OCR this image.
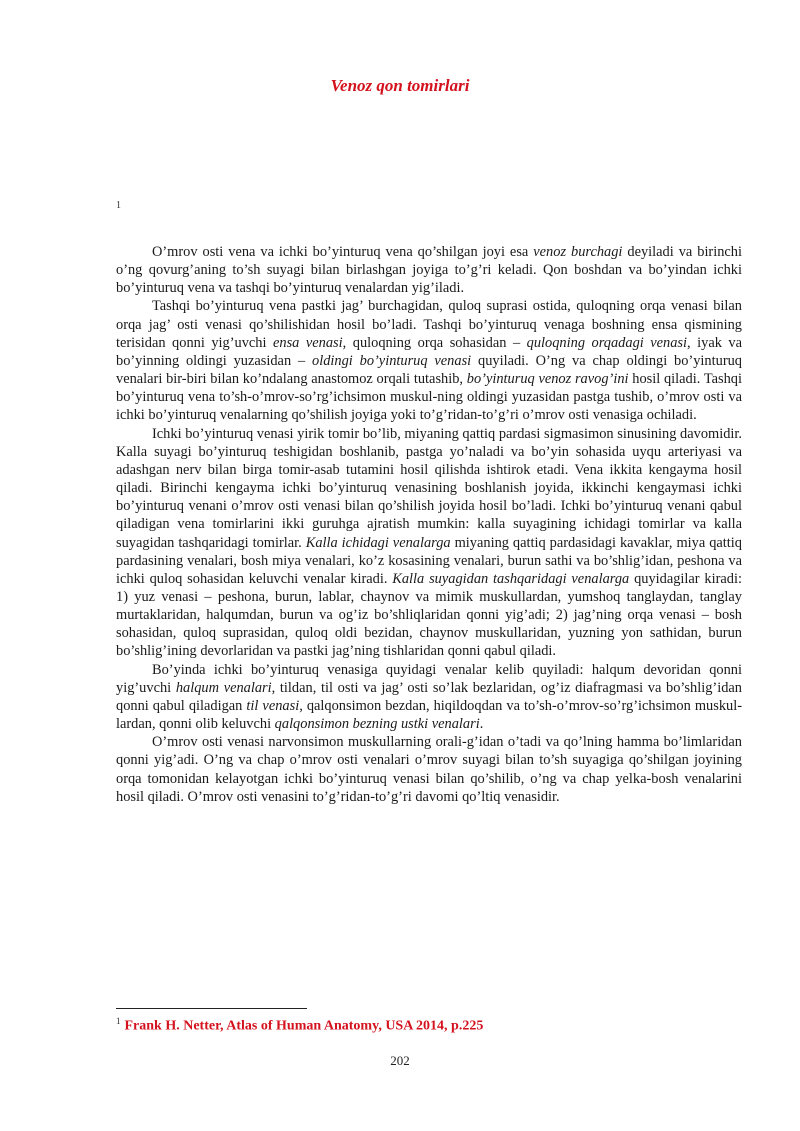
Venoz qon tomirlari
1

O’mrov osti vena va ichki bo’yinturuq vena qo’shilgan joyi esa venoz burchagi deyiladi va birinchi o’ng qovurg’aning to’sh suyagi bilan birlashgan joyiga to’g’ri keladi. Qon boshdan va bo’yindan ichki bo’yinturuq vena va tashqi bo’yinturuq venalardan yig’iladi.

Tashqi bo’yinturuq vena pastki jag’ burchagidan, quloq suprasi ostida, quloqning orqa venasi bilan orqa jag’ osti venasi qo’shilishidan hosil bo’ladi. Tashqi bo’yinturuq venaga boshning ensa qismining terisidan qonni yig’uvchi ensa venasi, quloqning orqa sohasidan – quloqning orqadagi venasi, iyak va bo’yinning oldingi yuzasidan – oldingi bo’yinturuq venasi quyiladi. O’ng va chap oldingi bo’yinturuq venalari bir-biri bilan ko’ndalang anastomoz orqali tutashib, bo’yinturuq venoz ravog’ini hosil qiladi. Tashqi bo’yinturuq vena to’sh-o’mrov-so’rg’ichsimon muskul-ning oldingi yuzasidan pastga tushib, o’mrov osti va ichki bo’yinturuq venalarning qo’shilish joyiga yoki to’g’ridan-to’g’ri o’mrov osti venasiga ochiladi.

Ichki bo’yinturuq venasi yirik tomir bo’lib, miyaning qattiq pardasi sigmasimon sinusining davomidir. Kalla suyagi bo’yinturuq teshigidan boshlanib, pastga yo’naladi va bo’yin sohasida uyqu arteriyasi va adashgan nerv bilan birga tomir-asab tutamini hosil qilishda ishtirok etadi. Vena ikkita kengayma hosil qiladi. Birinchi kengayma ichki bo’yinturuq venasining boshlanish joyida, ikkinchi kengaymasi ichki bo’yinturuq venani o’mrov osti venasi bilan qo’shilish joyida hosil bo’ladi. Ichki bo’yinturuq venani qabul qiladigan vena tomirlarini ikki guruhga ajratish mumkin: kalla suyagining ichidagi tomirlar va kalla suyagidan tashqaridagi tomirlar. Kalla ichidagi venalarga miyaning qattiq pardasidagi kavaklar, miya qattiq pardasining venalari, bosh miya venalari, ko’z kosasining venalari, burun sathi va bo’shlig’idan, peshona va ichki quloq sohasidan keluvchi venalar kiradi. Kalla suyagidan tashqaridagi venalarga quyidagilar kiradi: 1) yuz venasi – peshona, burun, lablar, chaynov va mimik muskullardan, yumshoq tanglaydan, tanglay murtaklaridan, halqumdan, burun va og’iz bo’shliqlaridan qonni yig’adi; 2) jag’ning orqa venasi – bosh sohasidan, quloq suprasidan, quloq oldi bezidan, chaynov muskullaridan, yuzning yon sathidan, burun bo’shlig’ining devorlaridan va pastki jag’ning tishlaridan qonni qabul qiladi.

Bo’yinda ichki bo’yinturuq venasiga quyidagi venalar kelib quyiladi: halqum devoridan qonni yig’uvchi halqum venalari, tildan, til osti va jag’ osti so’lak bezlaridan, og’iz diafragmasi va bo’shlig’idan qonni qabul qiladigan til venasi, qalqonsimon bezdan, hiqildoqdan va to’sh-o’mrov-so’rg’ichsimon muskul-lardan, qonni olib keluvchi qalqonsimon bezning ustki venalari.

O’mrov osti venasi narvonsimon muskullarning orali-g’idan o’tadi va qo’lning hamma bo’limlaridan qonni yig’adi. O’ng va chap o’mrov osti venalari o’mrov suyagi bilan to’sh suyagiga qo’shilgan joyining orqa tomonidan kelayotgan ichki bo’yinturuq venasi bilan qo’shilib, o’ng va chap yelka-bosh venalarini hosil qiladi. O’mrov osti venasini to’g’ridan-to’g’ri davomi qo’ltiq venasidir.

$^1$ Frank H. Netter, Atlas of Human Anatomy, USA 2014, p.225
202
